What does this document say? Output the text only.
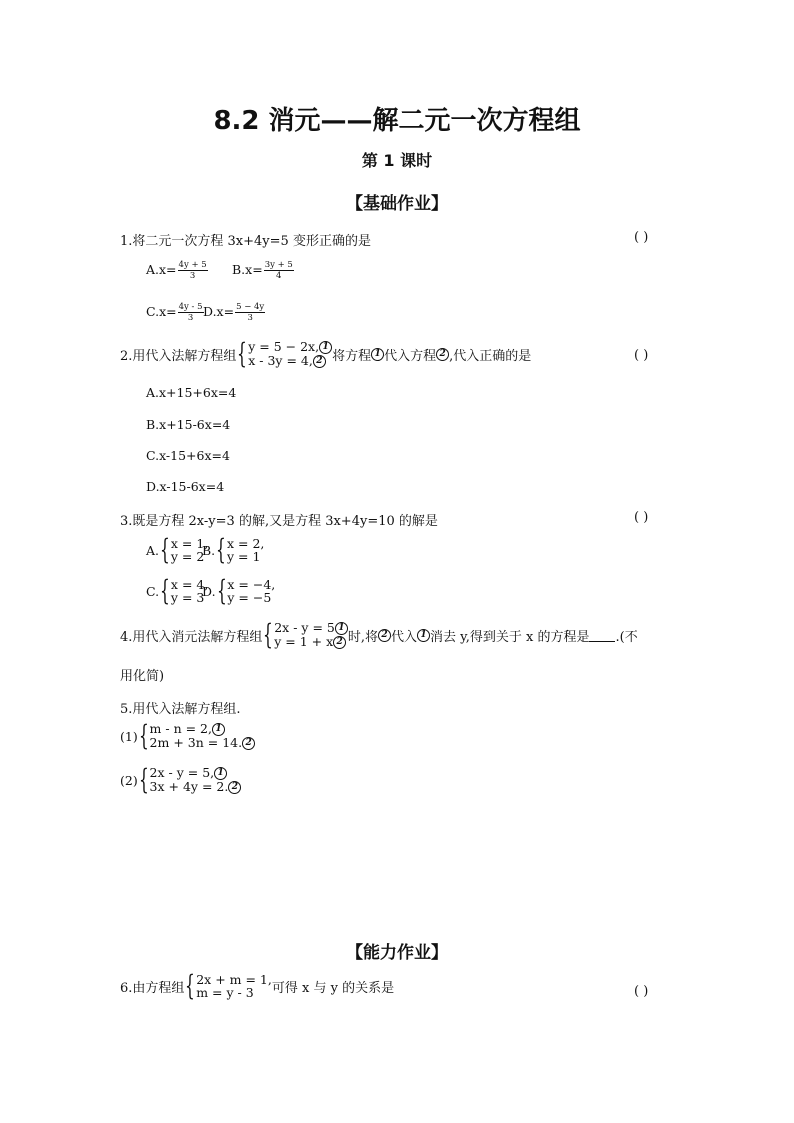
8.2 消元——解二元一次方程组
第 1 课时
【基础作业】
1.将二元一次方程 3x+4y=5 变形正确的是	( )
$A.x= \frac{4y + 5}{3} B.x= \frac{3y + 5}{4}$
$C.x= \frac{4y - 5}{3} D.x= \frac{5 - 4y}{3}$
2.用代入法解方程组 { y = 5 − 2x, 1
x - 3y = 4, 2 将方程 1 代入方程 2 ,代入正确的是	( )
A.x+15+6x=4
B.x+15-6x=4
C.x-15+6x=4
D.x-15-6x=4
3.既是方程 2x-y=3 的解,又是方程 3x+4y=10 的解是	( )
A. { x = 1,
y = 2
B. { x = 2,
y = 1
C. { x = 4,
y = 3
D. { x = −4,
y = −5
4.用代入消元法解方程组 { 2x - y = 5 1
y = 1 + x 2 时,将 2 代入 1 消去 y,得到关于 x 的方程是 .(不
用化简)
5.用代入法解方程组.
(1) { m - n = 2, 1
2m + 3n = 14. 2
(2) { 2x - y = 5, 1
3x + 4y = 2. 2
【能力作业】
6.由方程组 { 2x + m = 1,
m = y - 3	可得 x 与 y 的关系是	( )
